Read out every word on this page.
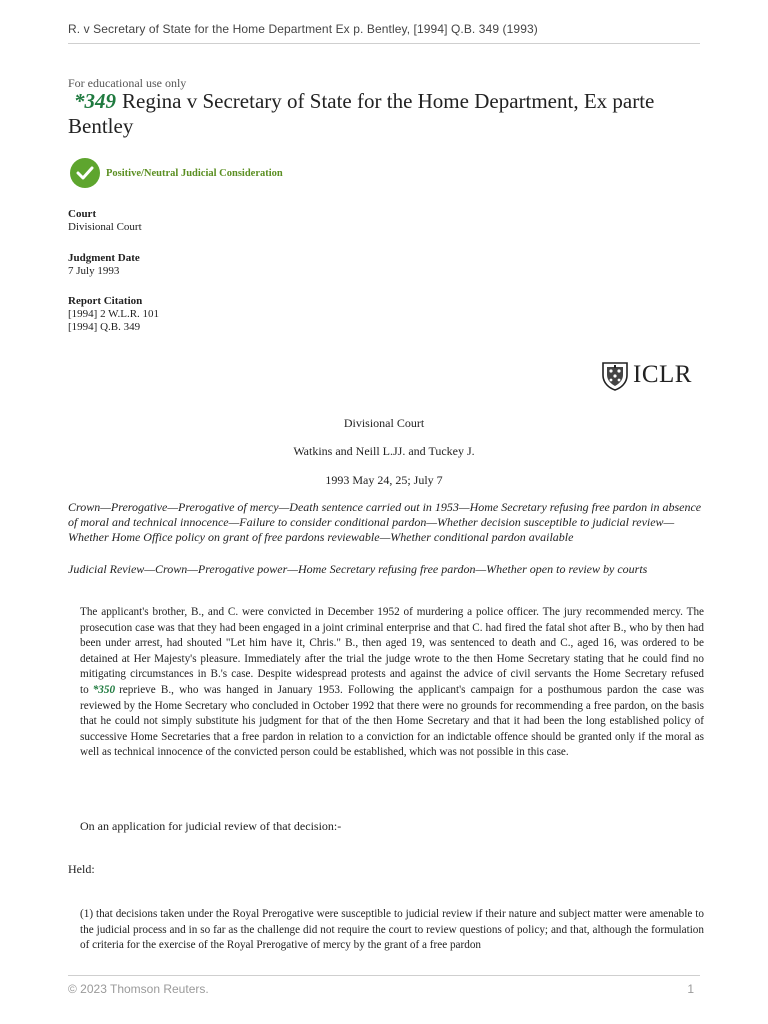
R. v Secretary of State for the Home Department Ex p. Bentley, [1994] Q.B. 349 (1993)
For educational use only
*349 Regina v Secretary of State for the Home Department, Ex parte Bentley
Positive/Neutral Judicial Consideration
Court
Divisional Court
Judgment Date
7 July 1993
Report Citation
[1994] 2 W.L.R. 101
[1994] Q.B. 349
ICLR
Divisional Court
Watkins and Neill L.JJ. and Tuckey J.
1993 May 24, 25; July 7
Crown—Prerogative—Prerogative of mercy—Death sentence carried out in 1953—Home Secretary refusing free pardon in absence of moral and technical innocence—Failure to consider conditional pardon—Whether decision susceptible to judicial review—Whether Home Office policy on grant of free pardons reviewable—Whether conditional pardon available
Judicial Review—Crown—Prerogative power—Home Secretary refusing free pardon—Whether open to review by courts
The applicant's brother, B., and C. were convicted in December 1952 of murdering a police officer. The jury recommended mercy. The prosecution case was that they had been engaged in a joint criminal enterprise and that C. had fired the fatal shot after B., who by then had been under arrest, had shouted "Let him have it, Chris." B., then aged 19, was sentenced to death and C., aged 16, was ordered to be detained at Her Majesty's pleasure. Immediately after the trial the judge wrote to the then Home Secretary stating that he could find no mitigating circumstances in B.'s case. Despite widespread protests and against the advice of civil servants the Home Secretary refused to *350 reprieve B., who was hanged in January 1953. Following the applicant's campaign for a posthumous pardon the case was reviewed by the Home Secretary who concluded in October 1992 that there were no grounds for recommending a free pardon, on the basis that he could not simply substitute his judgment for that of the then Home Secretary and that it had been the long established policy of successive Home Secretaries that a free pardon in relation to a conviction for an indictable offence should be granted only if the moral as well as technical innocence of the convicted person could be established, which was not possible in this case.
On an application for judicial review of that decision:-
Held:
(1) that decisions taken under the Royal Prerogative were susceptible to judicial review if their nature and subject matter were amenable to the judicial process and in so far as the challenge did not require the court to review questions of policy; and that, although the formulation of criteria for the exercise of the Royal Prerogative of mercy by the grant of a free pardon
© 2023 Thomson Reuters.	1
